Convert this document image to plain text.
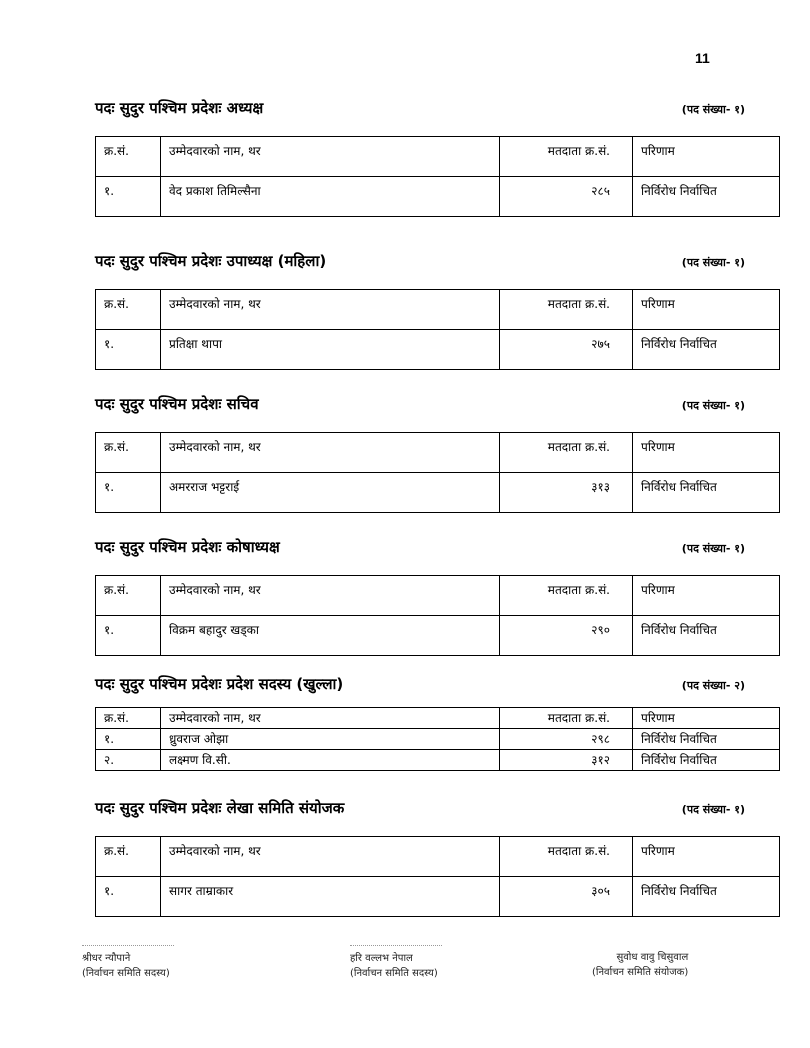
11
पदः सुदुर पश्चिम प्रदेशः अध्यक्ष	(पद संख्या- १)
क्र.सं.	उम्मेदवारको नाम, थर	मतदाता क्र.सं.	परिणाम
१.	वेद प्रकाश तिमिल्सैना	२८५	निर्विरोध निर्वाचित
पदः सुदुर पश्चिम प्रदेशः उपाध्यक्ष (महिला)	(पद संख्या- १)
क्र.सं.	उम्मेदवारको नाम, थर	मतदाता क्र.सं.	परिणाम
१.	प्रतिक्षा थापा	२७५	निर्विरोध निर्वाचित
पदः सुदुर पश्चिम प्रदेशः सचिव	(पद संख्या- १)
क्र.सं.	उम्मेदवारको नाम, थर	मतदाता क्र.सं.	परिणाम
१.	अमरराज भट्टराई	३१३	निर्विरोध निर्वाचित
पदः सुदुर पश्चिम प्रदेशः कोषाध्यक्ष	(पद संख्या- १)
क्र.सं.	उम्मेदवारको नाम, थर	मतदाता क्र.सं.	परिणाम
१.	विक्रम बहादुर खड्का	२९०	निर्विरोध निर्वाचित
पदः सुदुर पश्चिम प्रदेशः प्रदेश सदस्य (खुल्ला)	(पद संख्या- २)
क्र.सं.	उम्मेदवारको नाम, थर	मतदाता क्र.सं.	परिणाम
१.	ध्रुवराज ओझा	२९८	निर्विरोध निर्वाचित
२.	लक्ष्मण वि.सी.	३१२	निर्विरोध निर्वाचित
पदः सुदुर पश्चिम प्रदेशः लेखा समिति संयोजक	(पद संख्या- १)
क्र.सं.	उम्मेदवारको नाम, थर	मतदाता क्र.सं.	परिणाम
१.	सागर ताम्राकार	३०५	निर्विरोध निर्वाचित
श्रीधर न्यौपाने
(निर्वाचन समिति सदस्य)
हरि वल्लभ नेपाल
(निर्वाचन समिति सदस्य)
सुवोध वावु चिसुवाल
(निर्वाचन समिति संयोजक)
